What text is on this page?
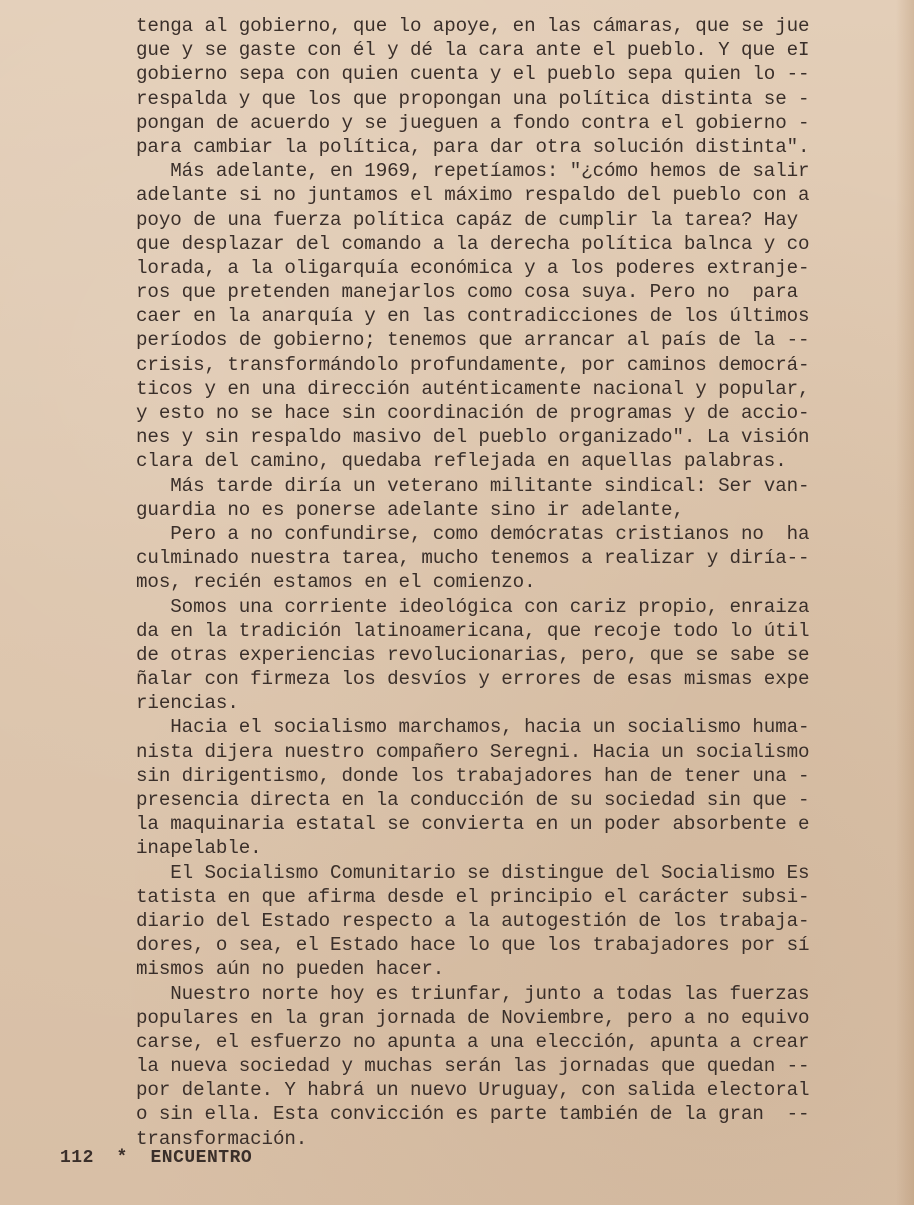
tenga al gobierno, que lo apoye, en las cámaras, que se jue
gue y se gaste con él y dé la cara ante el pueblo. Y que eI
gobierno sepa con quien cuenta y el pueblo sepa quien lo --
respalda y que los que propongan una política distinta se -
pongan de acuerdo y se jueguen a fondo contra el gobierno -
para cambiar la política, para dar otra solución distinta".
Más adelante, en 1969, repetíamos: "¿cómo hemos de salir
adelante si no juntamos el máximo respaldo del pueblo con a
poyo de una fuerza política capáz de cumplir la tarea? Hay
que desplazar del comando a la derecha política balnca y co
lorada, a la oligarquía económica y a los poderes extranje-
ros que pretenden manejarlos como cosa suya. Pero no  para
caer en la anarquía y en las contradicciones de los últimos
períodos de gobierno; tenemos que arrancar al país de la --
crisis, transformándolo profundamente, por caminos democrá-
ticos y en una dirección auténticamente nacional y popular,
y esto no se hace sin coordinación de programas y de accio-
nes y sin respaldo masivo del pueblo organizado". La visión
clara del camino, quedaba reflejada en aquellas palabras.
Más tarde diría un veterano militante sindical: Ser van-
guardia no es ponerse adelante sino ir adelante,
Pero a no confundirse, como demócratas cristianos no  ha
culminado nuestra tarea, mucho tenemos a realizar y diría--
mos, recién estamos en el comienzo.
Somos una corriente ideológica con cariz propio, enraiza
da en la tradición latinoamericana, que recoje todo lo útil
de otras experiencias revolucionarias, pero, que se sabe se
ñalar con firmeza los desvíos y errores de esas mismas expe
riencias.
Hacia el socialismo marchamos, hacia un socialismo huma-
nista dijera nuestro compañero Seregni. Hacia un socialismo
sin dirigentismo, donde los trabajadores han de tener una -
presencia directa en la conducción de su sociedad sin que -
la maquinaria estatal se convierta en un poder absorbente e
inapelable.
El Socialismo Comunitario se distingue del Socialismo Es
tatista en que afirma desde el principio el carácter subsi-
diario del Estado respecto a la autogestión de los trabaja-
dores, o sea, el Estado hace lo que los trabajadores por sí
mismos aún no pueden hacer.
Nuestro norte hoy es triunfar, junto a todas las fuerzas
populares en la gran jornada de Noviembre, pero a no equivo
carse, el esfuerzo no apunta a una elección, apunta a crear
la nueva sociedad y muchas serán las jornadas que quedan --
por delante. Y habrá un nuevo Uruguay, con salida electoral
o sin ella. Esta convicción es parte también de la gran  --
transformación.
112 * ENCUENTRO
